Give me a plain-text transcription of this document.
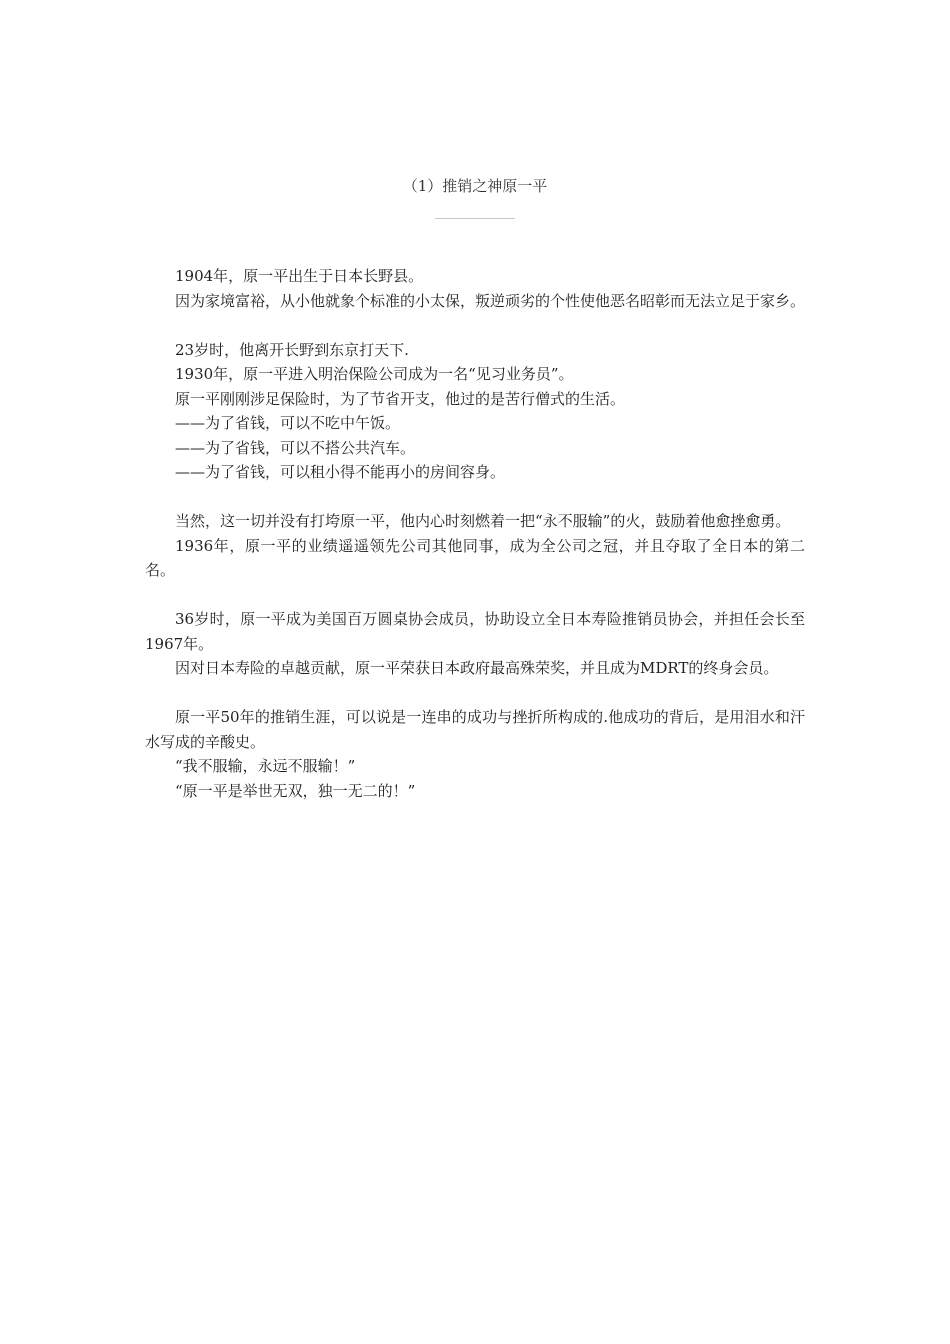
（1）推销之神原一平

1904年，原一平出生于日本长野县。

因为家境富裕，从小他就象个标准的小太保，叛逆顽劣的个性使他恶名昭彰而无法立足于家乡。

23岁时，他离开长野到东京打天下.

1930年，原一平进入明治保险公司成为一名“见习业务员”。

原一平刚刚涉足保险时，为了节省开支，他过的是苦行僧式的生活。

——为了省钱，可以不吃中午饭。

——为了省钱，可以不搭公共汽车。

——为了省钱，可以租小得不能再小的房间容身。

当然，这一切并没有打垮原一平，他内心时刻燃着一把“永不服输”的火，鼓励着他愈挫愈勇。

1936年，原一平的业绩遥遥领先公司其他同事，成为全公司之冠，并且夺取了全日本的第二名。

36岁时，原一平成为美国百万圆桌协会成员，协助设立全日本寿险推销员协会，并担任会长至1967年。

因对日本寿险的卓越贡献，原一平荣获日本政府最高殊荣奖，并且成为MDRT的终身会员。

原一平50年的推销生涯，可以说是一连串的成功与挫折所构成的.他成功的背后，是用泪水和汗水写成的辛酸史。

“我不服输，永远不服输！”

“原一平是举世无双，独一无二的！”
